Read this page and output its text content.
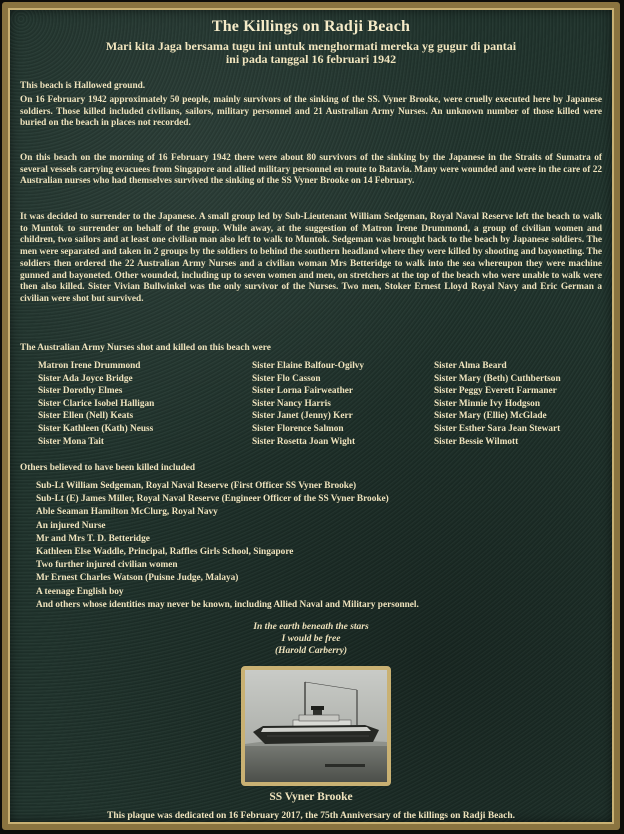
The Killings on Radji Beach
Mari kita Jaga bersama tugu ini untuk menghormati mereka yg gugur di pantai
ini pada tanggal 16 februari 1942
This beach is Hallowed ground.
On 16 February 1942 approximately 50 people, mainly survivors of the sinking of the SS. Vyner Brooke, were cruelly executed here by Japanese soldiers. Those killed included civilians, sailors, military personnel and 21 Australian Army Nurses. An unknown number of those killed were buried on the beach in places not recorded.
On this beach on the morning of 16 February 1942 there were about 80 survivors of the sinking by the Japanese in the Straits of Sumatra of several vessels carrying evacuees from Singapore and allied military personnel en route to Batavia. Many were wounded and were in the care of 22 Australian nurses who had themselves survived the sinking of the SS Vyner Brooke on 14 February.
It was decided to surrender to the Japanese. A small group led by Sub-Lieutenant William Sedgeman, Royal Naval Reserve left the beach to walk to Muntok to surrender on behalf of the group. While away, at the suggestion of Matron Irene Drummond, a group of civilian women and children, two sailors and at least one civilian man also left to walk to Muntok. Sedgeman was brought back to the beach by Japanese soldiers. The men were separated and taken in 2 groups by the soldiers to behind the southern headland where they were killed by shooting and bayoneting. The soldiers then ordered the 22 Australian Army Nurses and a civilian woman Mrs Betteridge to walk into the sea whereupon they were machine gunned and bayoneted. Other wounded, including up to seven women and men, on stretchers at the top of the beach who were unable to walk were then also killed. Sister Vivian Bullwinkel was the only survivor of the Nurses. Two men, Stoker Ernest Lloyd Royal Navy and Eric German a civilian were shot but survived.
The Australian Army Nurses shot and killed on this beach were
Matron Irene Drummond
Sister Ada Joyce Bridge
Sister Dorothy Elmes
Sister Clarice Isobel Halligan
Sister Ellen (Nell) Keats
Sister Kathleen (Kath) Neuss
Sister Mona Tait
Sister Elaine Balfour-Ogilvy
Sister Flo Casson
Sister Lorna Fairweather
Sister Nancy Harris
Sister Janet (Jenny) Kerr
Sister Florence Salmon
Sister Rosetta Joan Wight
Sister Alma Beard
Sister Mary (Beth) Cuthbertson
Sister Peggy Everett Farmaner
Sister Minnie Ivy Hodgson
Sister Mary (Ellie) McGlade
Sister Esther Sara Jean Stewart
Sister Bessie Wilmott
Others believed to have been killed included
Sub-Lt William Sedgeman, Royal Naval Reserve (First Officer SS Vyner Brooke)
Sub-Lt (E) James Miller, Royal Naval Reserve (Engineer Officer of the SS Vyner Brooke)
Able Seaman Hamilton McClurg, Royal Navy
An injured Nurse
Mr and Mrs T. D. Betteridge
Kathleen Else Waddle, Principal, Raffles Girls School, Singapore
Two further injured civilian women
Mr Ernest Charles Watson (Puisne Judge, Malaya)
A teenage English boy
And others whose identities may never be known, including Allied Naval and Military personnel.
In the earth beneath the stars
I would be free
(Harold Carberry)
SS Vyner Brooke
This plaque was dedicated on 16 February 2017, the 75th Anniversary of the killings on Radji Beach.
